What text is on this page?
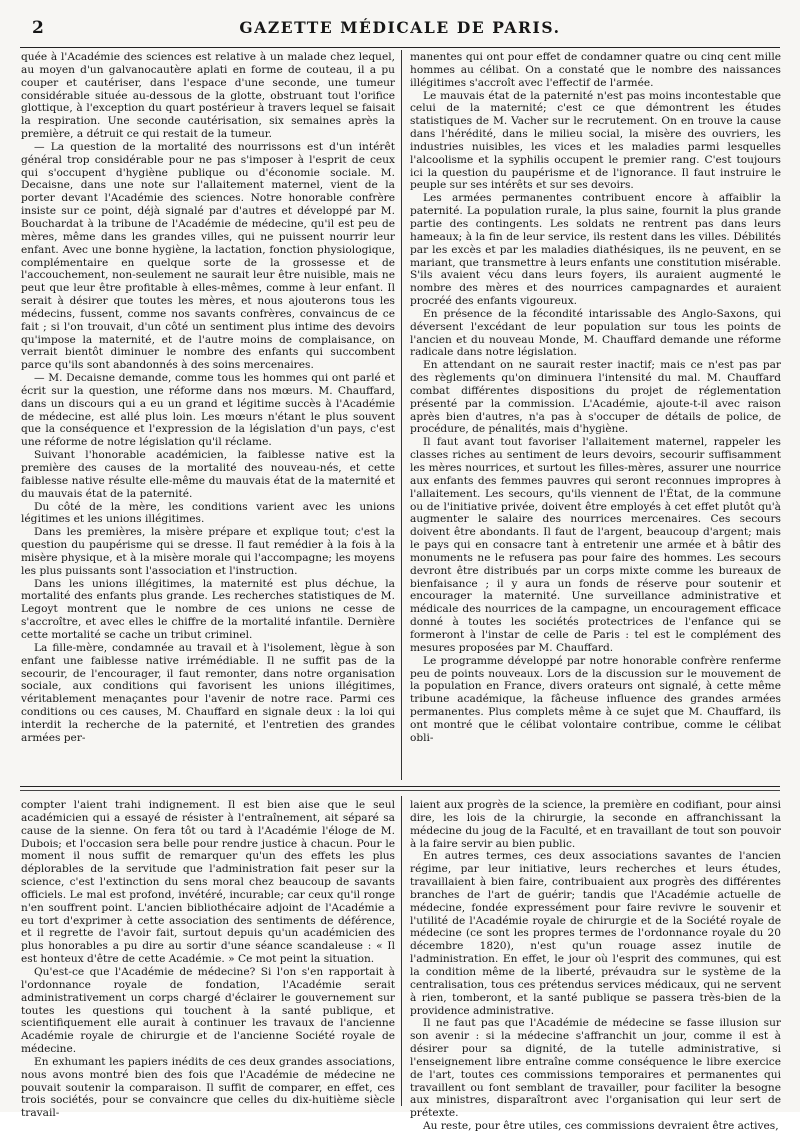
2	GAZETTE MÉDICALE DE PARIS.

quée à l'Académie des sciences est relative à un malade chez lequel, au moyen d'un galvanocautère aplati en forme de couteau, il a pu couper et cautériser, dans l'espace d'une seconde, une tumeur considérable située au-dessous de la glotte, obstruant tout l'orifice glottique, à l'exception du quart postérieur à travers lequel se faisait la respiration. Une seconde cautérisation, six semaines après la première, a détruit ce qui restait de la tumeur.

— La question de la mortalité des nourrissons est d'un intérêt général trop considérable pour ne pas s'imposer à l'esprit de ceux qui s'occupent d'hygiène publique ou d'économie sociale. M. Decaisne, dans une note sur l'allaitement maternel, vient de la porter devant l'Académie des sciences. Notre honorable confrère insiste sur ce point, déjà signalé par d'autres et développé par M. Bouchardat à la tribune de l'Académie de médecine, qu'il est peu de mères, même dans les grandes villes, qui ne puissent nourrir leur enfant. Avec une bonne hygiène, la lactation, fonction physiologique, complémentaire en quelque sorte de la grossesse et de l'accouchement, non-seulement ne saurait leur être nuisible, mais ne peut que leur être profitable à elles-mêmes, comme à leur enfant. Il serait à désirer que toutes les mères, et nous ajouterons tous les médecins, fussent, comme nos savants confrères, convaincus de ce fait ; si l'on trouvait, d'un côté un sentiment plus intime des devoirs qu'impose la maternité, et de l'autre moins de complaisance, on verrait bientôt diminuer le nombre des enfants qui succombent parce qu'ils sont abandonnés à des soins mercenaires.

— M. Decaisne demande, comme tous les hommes qui ont parlé et écrit sur la question, une réforme dans nos mœurs. M. Chauffard, dans un discours qui a eu un grand et légitime succès à l'Académie de médecine, est allé plus loin. Les mœurs n'étant le plus souvent que la conséquence et l'expression de la législation d'un pays, c'est une réforme de notre législation qu'il réclame.

Suivant l'honorable académicien, la faiblesse native est la première des causes de la mortalité des nouveau-nés, et cette faiblesse native résulte elle-même du mauvais état de la maternité et du mauvais état de la paternité.

Du côté de la mère, les conditions varient avec les unions légitimes et les unions illégitimes.

Dans les premières, la misère prépare et explique tout; c'est la question du paupérisme qui se dresse. Il faut remédier à la fois à la misère physique, et à la misère morale qui l'accompagne; les moyens les plus puissants sont l'association et l'instruction.

Dans les unions illégitimes, la maternité est plus déchue, la mortalité des enfants plus grande. Les recherches statistiques de M. Legoyt montrent que le nombre de ces unions ne cesse de s'accroître, et avec elles le chiffre de la mortalité infantile. Dernière cette mortalité se cache un tribut criminel.

La fille-mère, condamnée au travail et à l'isolement, lègue à son enfant une faiblesse native irrémédiable. Il ne suffit pas de la secourir, de l'encourager, il faut remonter, dans notre organisation sociale, aux conditions qui favorisent les unions illégitimes, véritablement menaçantes pour l'avenir de notre race. Parmi ces conditions ou ces causes, M. Chauffard en signale deux : la loi qui interdit la recherche de la paternité, et l'entretien des grandes armées per-

manentes qui ont pour effet de condamner quatre ou cinq cent mille hommes au célibat. On a constaté que le nombre des naissances illégitimes s'accroît avec l'effectif de l'armée.

Le mauvais état de la paternité n'est pas moins incontestable que celui de la maternité; c'est ce que démontrent les études statistiques de M. Vacher sur le recrutement. On en trouve la cause dans l'hérédité, dans le milieu social, la misère des ouvriers, les industries nuisibles, les vices et les maladies parmi lesquelles l'alcoolisme et la syphilis occupent le premier rang. C'est toujours ici la question du paupérisme et de l'ignorance. Il faut instruire le peuple sur ses intérêts et sur ses devoirs.

Les armées permanentes contribuent encore à affaiblir la paternité. La population rurale, la plus saine, fournit la plus grande partie des contingents. Les soldats ne rentrent pas dans leurs hameaux; à la fin de leur service, ils restent dans les villes. Débilités par les excès et par les maladies diathésiques, ils ne peuvent, en se mariant, que transmettre à leurs enfants une constitution misérable. S'ils avaient vécu dans leurs foyers, ils auraient augmenté le nombre des mères et des nourrices campagnardes et auraient procréé des enfants vigoureux.

En présence de la fécondité intarissable des Anglo-Saxons, qui déversent l'excédant de leur population sur tous les points de l'ancien et du nouveau Monde, M. Chauffard demande une réforme radicale dans notre législation.

En attendant on ne saurait rester inactif; mais ce n'est pas par des règlements qu'on diminuera l'intensité du mal. M. Chauffard combat différentes dispositions du projet de réglementation présenté par la commission. L'Académie, ajoute-t-il avec raison après bien d'autres, n'a pas à s'occuper de détails de police, de procédure, de pénalités, mais d'hygiène.

Il faut avant tout favoriser l'allaitement maternel, rappeler les classes riches au sentiment de leurs devoirs, secourir suffisamment les mères nourrices, et surtout les filles-mères, assurer une nourrice aux enfants des femmes pauvres qui seront reconnues impropres à l'allaitement. Les secours, qu'ils viennent de l'État, de la commune ou de l'initiative privée, doivent être employés à cet effet plutôt qu'à augmenter le salaire des nourrices mercenaires. Ces secours doivent être abondants. Il faut de l'argent, beaucoup d'argent; mais le pays qui en consacre tant à entretenir une armée et à bâtir des monuments ne le refusera pas pour faire des hommes. Les secours devront être distribués par un corps mixte comme les bureaux de bienfaisance ; il y aura un fonds de réserve pour soutenir et encourager la maternité. Une surveillance administrative et médicale des nourrices de la campagne, un encouragement efficace donné à toutes les sociétés protectrices de l'enfance qui se formeront à l'instar de celle de Paris : tel est le complément des mesures proposées par M. Chauffard.

Le programme développé par notre honorable confrère renferme peu de points nouveaux. Lors de la discussion sur le mouvement de la population en France, divers orateurs ont signalé, à cette même tribune académique, la fâcheuse influence des grandes armées permanentes. Plus complets même à ce sujet que M. Chauffard, ils ont montré que le célibat volontaire contribue, comme le célibat obli-

compter l'aient trahi indignement. Il est bien aise que le seul académicien qui a essayé de résister à l'entraînement, ait séparé sa cause de la sienne. On fera tôt ou tard à l'Académie l'éloge de M. Dubois; et l'occasion sera belle pour rendre justice à chacun. Pour le moment il nous suffit de remarquer qu'un des effets les plus déplorables de la servitude que l'administration fait peser sur la science, c'est l'extinction du sens moral chez beaucoup de savants officiels. Le mal est profond, invétéré, incurable; car ceux qu'il ronge n'en souffrent point. L'ancien bibliothécaire adjoint de l'Académie a eu tort d'exprimer à cette association des sentiments de déférence, et il regrette de l'avoir fait, surtout depuis qu'un académicien des plus honorables a pu dire au sortir d'une séance scandaleuse : « Il est honteux d'être de cette Académie. » Ce mot peint la situation.

Qu'est-ce que l'Académie de médecine? Si l'on s'en rapportait à l'ordonnance royale de fondation, l'Académie serait administrativement un corps chargé d'éclairer le gouvernement sur toutes les questions qui touchent à la santé publique, et scientifiquement elle aurait à continuer les travaux de l'ancienne Académie royale de chirurgie et de l'ancienne Société royale de médecine.

En exhumant les papiers inédits de ces deux grandes associations, nous avons montré bien des fois que l'Académie de médecine ne pouvait soutenir la comparaison. Il suffit de comparer, en effet, ces trois sociétés, pour se convaincre que celles du dix-huitième siècle travail-

laient aux progrès de la science, la première en codifiant, pour ainsi dire, les lois de la chirurgie, la seconde en affranchissant la médecine du joug de la Faculté, et en travaillant de tout son pouvoir à la faire servir au bien public.

En autres termes, ces deux associations savantes de l'ancien régime, par leur initiative, leurs recherches et leurs études, travaillaient à bien faire, contribuaient aux progrès des différentes branches de l'art de guérir; tandis que l'Académie actuelle de médecine, fondée expressément pour faire revivre le souvenir et l'utilité de l'Académie royale de chirurgie et de la Société royale de médecine (ce sont les propres termes de l'ordonnance royale du 20 décembre 1820), n'est qu'un rouage assez inutile de l'administration. En effet, le jour où l'esprit des communes, qui est la condition même de la liberté, prévaudra sur le système de la centralisation, tous ces prétendus services médicaux, qui ne servent à rien, tomberont, et la santé publique se passera très-bien de la providence administrative.

Il ne faut pas que l'Académie de médecine se fasse illusion sur son avenir : si la médecine s'affranchit un jour, comme il est à désirer pour sa dignité, de la tutelle administrative, si l'enseignement libre entraîne comme conséquence le libre exercice de l'art, toutes ces commissions temporaires et permanentes qui travaillent ou font semblant de travailler, pour faciliter la besogne aux ministres, disparaîtront avec l'organisation qui leur sert de prétexte.

Au reste, pour être utiles, ces commissions devraient être actives,
